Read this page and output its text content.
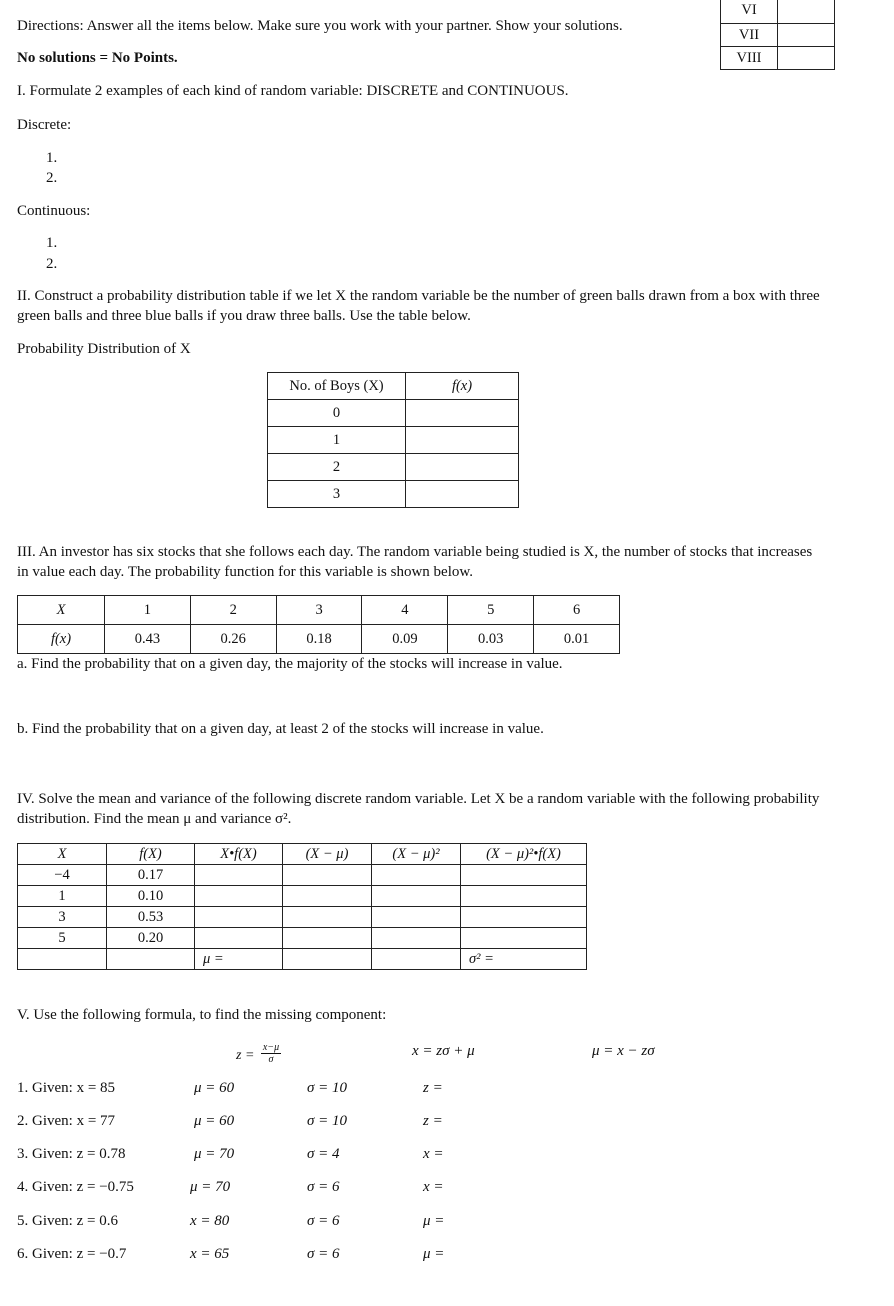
VI	
VII	
VIII	
Directions: Answer all the items below. Make sure you work with your partner. Show your solutions.
No solutions = No Points.
I. Formulate 2 examples of each kind of random variable: DISCRETE and CONTINUOUS.
Discrete:
1.
2.
Continuous:
1.
2.
II. Construct a probability distribution table if we let X the random variable be the number of green balls drawn from a box with three
green balls and three blue balls if you draw three balls. Use the table below.
Probability Distribution of X
No. of Boys (X)	f(x)
0	
1	
2	
3	
III. An investor has six stocks that she follows each day. The random variable being studied is X, the number of stocks that increases
in value each day. The probability function for this variable is shown below.
X	1	2	3	4	5	6
f(x)	0.43	0.26	0.18	0.09	0.03	0.01
a. Find the probability that on a given day, the majority of the stocks will increase in value.
b. Find the probability that on a given day, at least 2 of the stocks will increase in value.
IV. Solve the mean and variance of the following discrete random variable. Let X be a random variable with the following probability
distribution. Find the mean μ and variance σ².
X	f(X)	X•f(X)	(X − μ)	(X − μ)²	(X − μ)²•f(X)
−4	0.17				
1	0.10				
3	0.53				
5	0.20				
		μ =			σ² =
V. Use the following formula, to find the missing component:
$z = \frac{x-\mu}{\sigma}$	x = zσ + μ	μ = x − zσ
1. Given: x = 85	μ = 60	σ = 10	z =
2. Given: x = 77	μ = 60	σ = 10	z =
3. Given: z = 0.78	μ = 70	σ = 4	x =
4. Given: z = −0.75	μ = 70	σ = 6	x =
5. Given: z = 0.6	x = 80	σ = 6	μ =
6. Given: z = −0.7	x = 65	σ = 6	μ =
